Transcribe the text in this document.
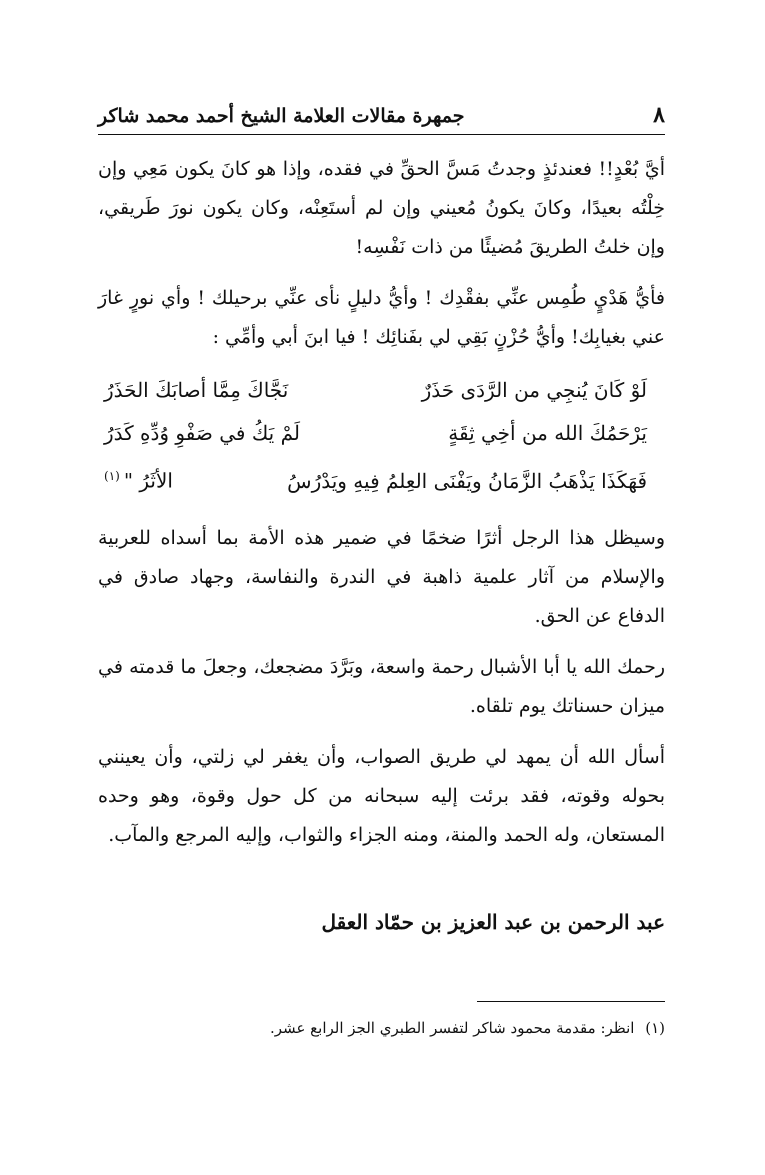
٨
جمهرة مقالات العلامة الشيخ أحمد محمد شاكر

أيَّ بُعْدٍ!! فعندئذٍ وجدتُ مَسَّ الحقِّ في فقده، وإذا هو كانَ يكون مَعِي وإن خِلْتُه بعيدًا، وكانَ يكونُ مُعيني وإن لم أستَعِنْه، وكان يكون نورَ طَريقي، وإن خلتُ الطريقَ مُضيئًا من ذات نَفْسِه!

فأيُّ هَدْيٍ طُمِس عنِّي بفقْدِك ! وأيُّ دليلٍ نأى عنِّي برحيلك ! وأي نورٍ غارَ عني بغيابِك! وأيُّ حُزْنٍ بَقِي لي بفَنائِك ! فيا ابنَ أبي وأمِّي :

لَوْ كَانَ يُنجِي من الرَّدَى حَذَرٌ
نَجَّاكَ مِمَّا أصابَكَ الحَذَرُ
يَرْحَمُكَ الله من أخِي ثِقَةٍ
لَمْ يَكُ في صَفْوِ وُدِّهِ كَدَرُ
فَهَكَذَا يَذْهَبُ الزَّمَانُ ويَفْنَى العِلمُ فِيهِ ويَدْرُسُ
الأثَرُ "$^{(١)}$

وسيظل هذا الرجل أثرًا ضخمًا في ضمير هذه الأمة بما أسداه للعربية والإسلام من آثار علمية ذاهبة في الندرة والنفاسة، وجهاد صادق في الدفاع عن الحق.

رحمك الله يا أبا الأشبال رحمة واسعة، وبَرَّدَ مضجعك، وجعلَ ما قدمته في ميزان حسناتك يوم تلقاه.

أسأل الله أن يمهد لي طريق الصواب، وأن يغفر لي زلتي، وأن يعينني بحوله وقوته، فقد برئت إليه سبحانه من كل حول وقوة، وهو وحده المستعان، وله الحمد والمنة، ومنه الجزاء والثواب، وإليه المرجع والمآب.

عبد الرحمن بن عبد العزيز بن حمّاد العقل
(١) انظر: مقدمة محمود شاكر لتفسر الطبري الجز الرابع عشر.
